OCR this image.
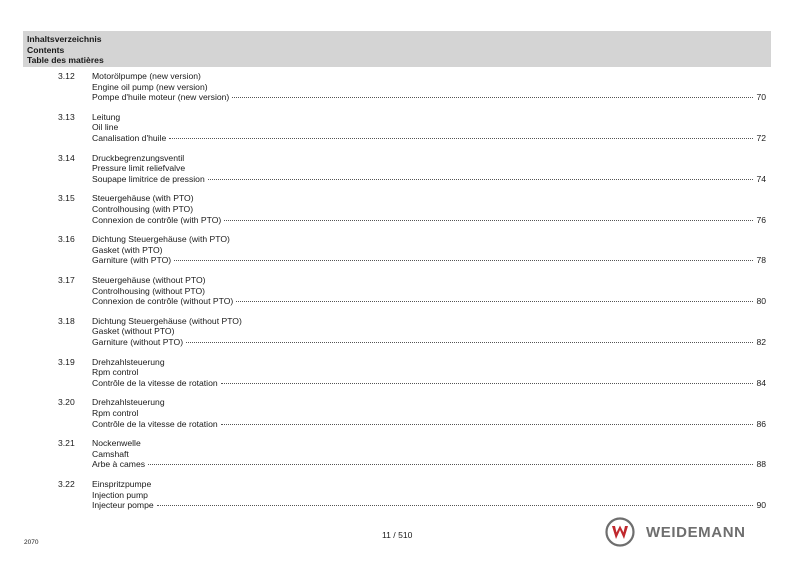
Inhaltsverzeichnis
Contents
Table des matières
3.12 Motorölpumpe (new version)
Engine oil pump (new version)
Pompe d'huile moteur (new version)	70
3.13 Leitung
Oil line
Canalisation d'huile	72
3.14 Druckbegrenzungsventil
Pressure limit reliefvalve
Soupape limitrice de pression	74
3.15 Steuergehäuse (with PTO)
Controlhousing (with PTO)
Connexion de contrôle (with PTO)	76
3.16 Dichtung Steuergehäuse (with PTO)
Gasket (with PTO)
Garniture (with PTO)	78
3.17 Steuergehäuse (without PTO)
Controlhousing (without PTO)
Connexion de contrôle (without PTO)	80
3.18 Dichtung Steuergehäuse (without PTO)
Gasket (without PTO)
Garniture (without PTO)	82
3.19 Drehzahlsteuerung
Rpm control
Contrôle de la vitesse de rotation	84
3.20 Drehzahlsteuerung
Rpm control
Contrôle de la vitesse de rotation	86
3.21 Nockenwelle
Camshaft
Arbe à cames	88
3.22 Einspritzpumpe
Injection pump
Injecteur pompe	90
2070
11 / 510	WEIDEMANN
